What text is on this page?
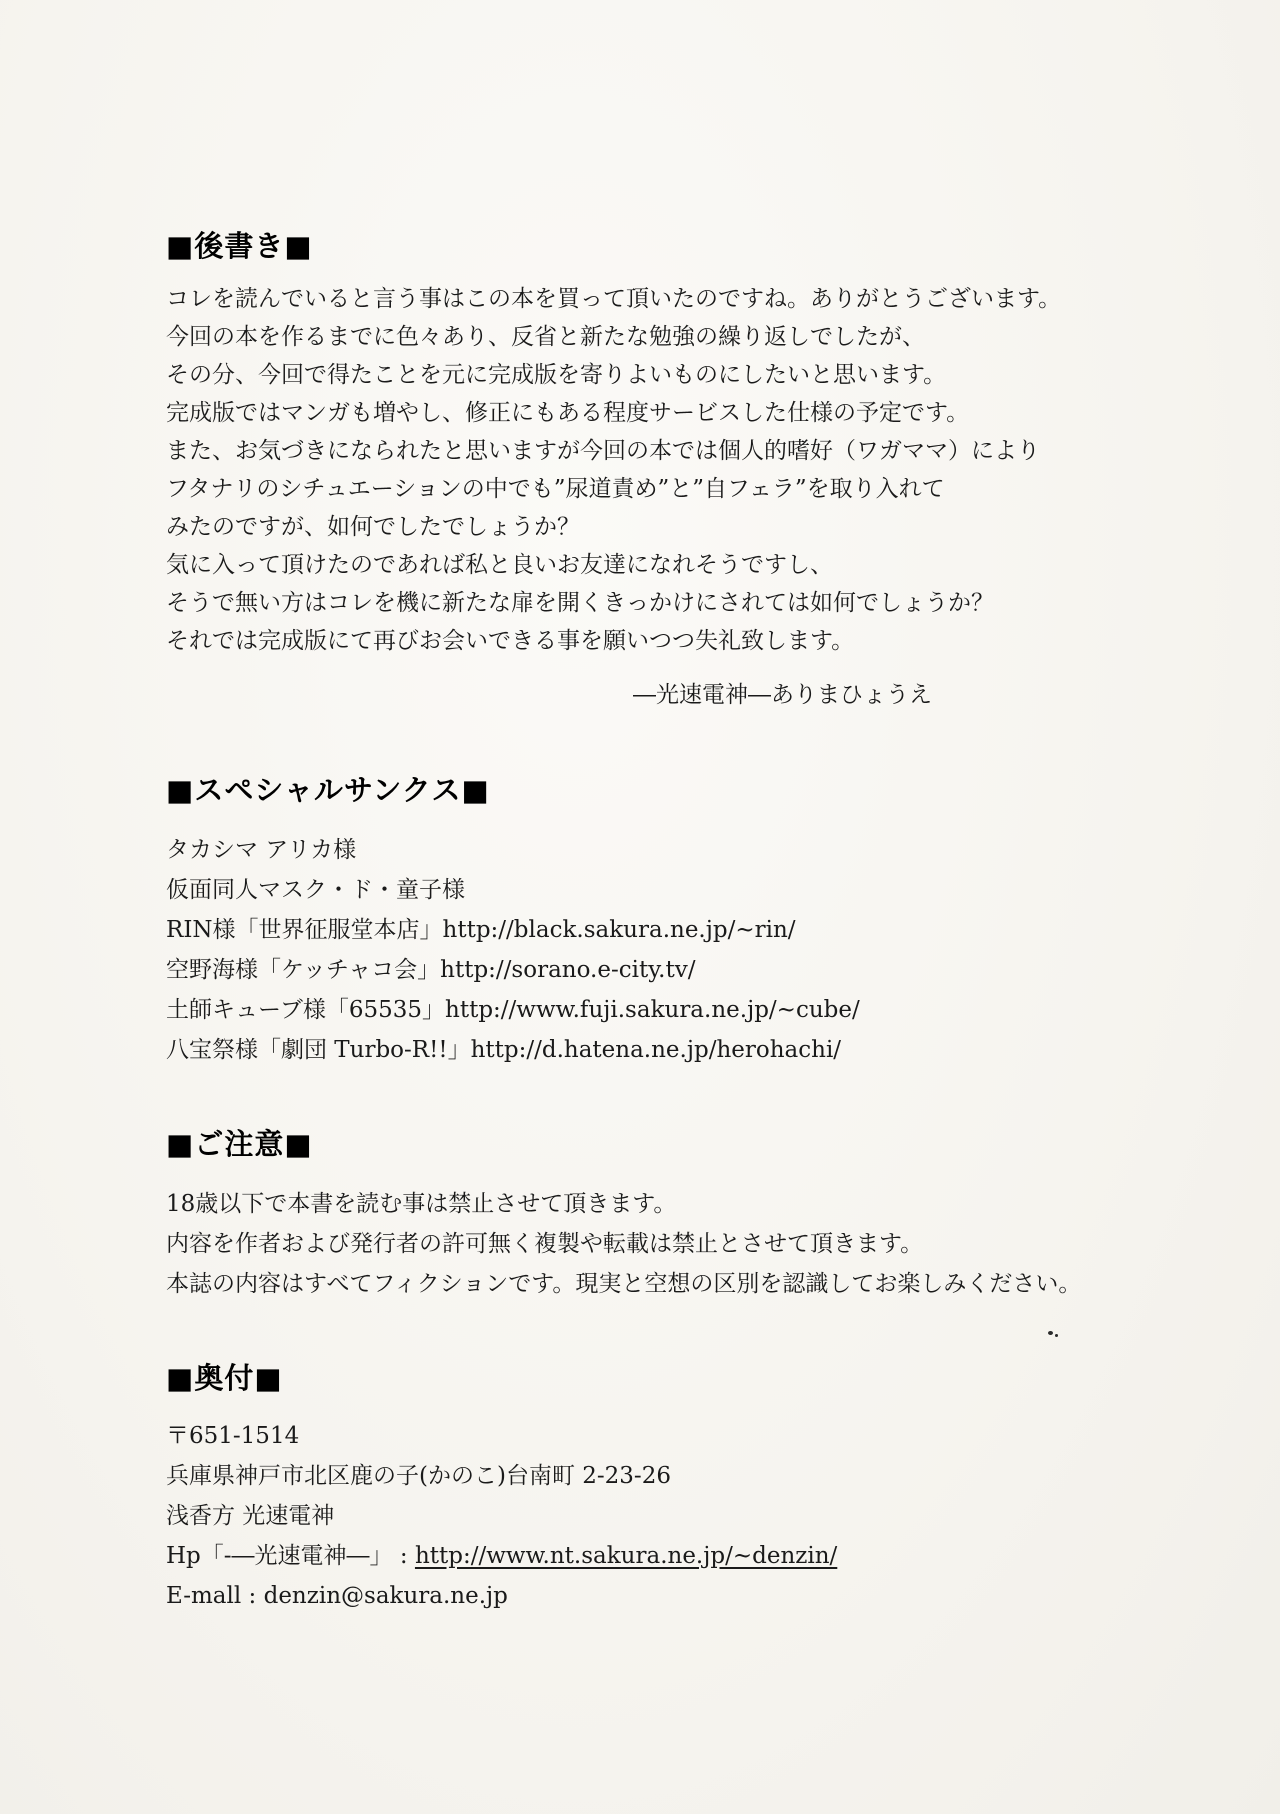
■後書き■
コレを読んでいると言う事はこの本を買って頂いたのですね。ありがとうございます。
今回の本を作るまでに色々あり、反省と新たな勉強の繰り返しでしたが、
その分、今回で得たことを元に完成版を寄りよいものにしたいと思います。
完成版ではマンガも増やし、修正にもある程度サービスした仕様の予定です。
また、お気づきになられたと思いますが今回の本では個人的嗜好（ワガママ）により
フタナリのシチュエーションの中でも”尿道責め”と”自フェラ”を取り入れて
みたのですが、如何でしたでしょうか？
気に入って頂けたのであれば私と良いお友達になれそうですし、
そうで無い方はコレを機に新たな扉を開くきっかけにされては如何でしょうか？
それでは完成版にて再びお会いできる事を願いつつ失礼致します。
―光速電神―ありまひょうえ
■スペシャルサンクス■
タカシマ アリカ様
仮面同人マスク・ド・童子様
RIN様「世界征服堂本店」http://black.sakura.ne.jp/~rin/
空野海様「ケッチャコ会」http://sorano.e-city.tv/
土師キューブ様「65535」http://www.fuji.sakura.ne.jp/~cube/
八宝祭様「劇団 Turbo-R!!」http://d.hatena.ne.jp/herohachi/
■ご注意■
18歳以下で本書を読む事は禁止させて頂きます。
内容を作者および発行者の許可無く複製や転載は禁止とさせて頂きます。
本誌の内容はすべてフィクションです。現実と空想の区別を認識してお楽しみください。
■奥付■
〒651-1514
兵庫県神戸市北区鹿の子(かのこ)台南町 2-23-26
浅香方 光速電神
Hp「-―光速電神―」 : http://www.nt.sakura.ne.jp/~denzin/
E-mall : denzin@sakura.ne.jp
